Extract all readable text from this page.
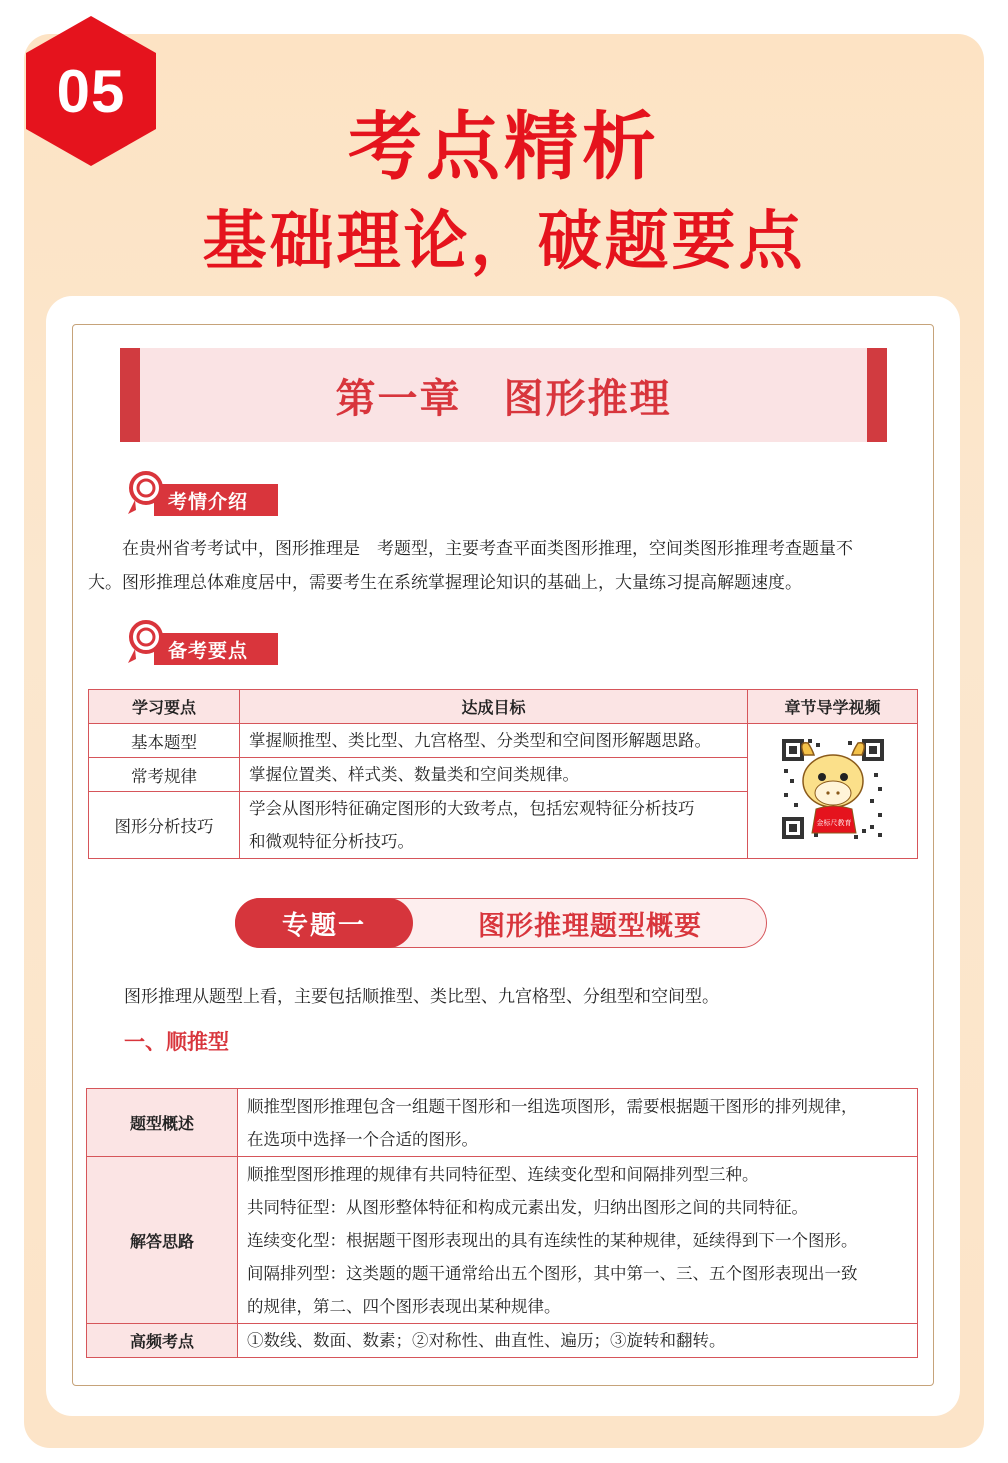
05
考点精析
基础理论，破题要点
第一章　图形推理
考情介绍
在贵州省考考试中，图形推理是　考题型，主要考查平面类图形推理，空间类图形推理考查题量不
大。图形推理总体难度居中，需要考生在系统掌握理论知识的基础上，大量练习提高解题速度。
备考要点
学习要点	达成目标	章节导学视频
基本题型	掌握顺推型、类比型、九宫格型、分类型和空间图形解题思路。	金标尺教育

常考规律	掌握位置类、样式类、数量类和空间类规律。	
图形分析技巧	学会从图形特征确定图形的大致考点，包括宏观特征分析技巧
和微观特征分析技巧。	
专题一	图形推理题型概要
图形推理从题型上看，主要包括顺推型、类比型、九宫格型、分组型和空间型。
一、顺推型
题型概述	顺推型图形推理包含一组题干图形和一组选项图形，需要根据题干图形的排列规律，
在选项中选择一个合适的图形。

解答思路	顺推型图形推理的规律有共同特征型、连续变化型和间隔排列型三种。
共同特征型：从图形整体特征和构成元素出发，归纳出图形之间的共同特征。
连续变化型：根据题干图形表现出的具有连续性的某种规律，延续得到下一个图形。
间隔排列型：这类题的题干通常给出五个图形，其中第一、三、五个图形表现出一致
的规律，第二、四个图形表现出某种规律。

高频考点	①数线、数面、数素；②对称性、曲直性、遍历；③旋转和翻转。
